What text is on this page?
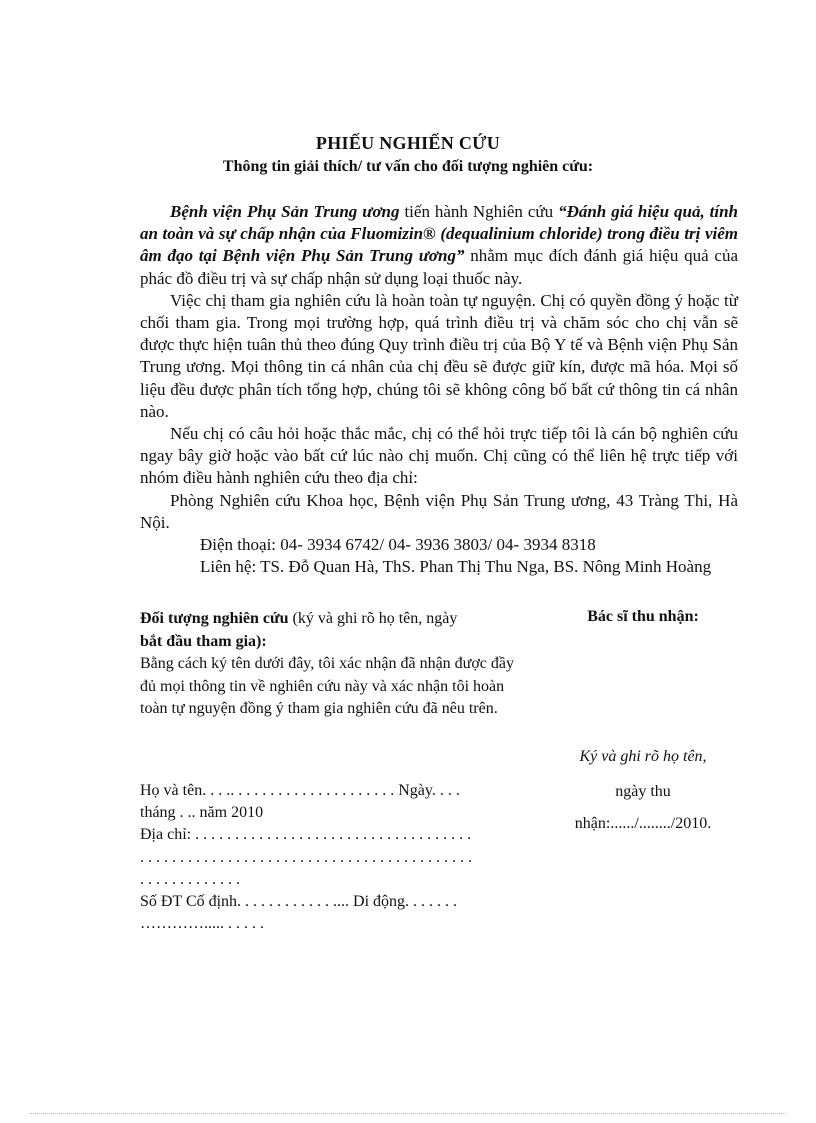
PHIẾU NGHIẾN CỨU
Thông tin giải thích/ tư vấn cho đối tượng nghiên cứu:

Bệnh viện Phụ Sản Trung ương tiến hành Nghiên cứu “Đánh giá hiệu quả, tính an toàn và sự chấp nhận của Fluomizin® (dequalinium chloride) trong điều trị viêm âm đạo tại Bệnh viện Phụ Sản Trung ương” nhằm mục đích đánh giá hiệu quả của phác đồ điều trị và sự chấp nhận sử dụng loại thuốc này.

Việc chị tham gia nghiên cứu là hoàn toàn tự nguyện. Chị có quyền đồng ý hoặc từ chối tham gia. Trong mọi trường hợp, quá trình điều trị và chăm sóc cho chị vẫn sẽ được thực hiện tuân thủ theo đúng Quy trình điều trị của Bộ Y tế và Bệnh viện Phụ Sản Trung ương. Mọi thông tin cá nhân của chị đều sẽ được giữ kín, được mã hóa. Mọi số liệu đều được phân tích tổng hợp, chúng tôi sẽ không công bố bất cứ thông tin cá nhân nào.

Nếu chị có câu hỏi hoặc thắc mắc, chị có thể hỏi trực tiếp tôi là cán bộ nghiên cứu ngay bây giờ hoặc vào bất cứ lúc nào chị muốn. Chị cũng có thể liên hệ trực tiếp với nhóm điều hành nghiên cứu theo địa chỉ:

Phòng Nghiên cứu Khoa học, Bệnh viện Phụ Sản Trung ương, 43 Tràng Thi, Hà Nội.

Điện thoại: 04- 3934 6742/ 04- 3936 3803/ 04- 3934 8318

Liên hệ: TS. Đỗ Quan Hà, ThS. Phan Thị Thu Nga, BS. Nông Minh Hoàng

Đối tượng nghiên cứu (ký và ghi rõ họ tên, ngày

bắt đầu tham gia):

Bằng cách ký tên dưới đây, tôi xác nhận đã nhận được đầy đủ mọi thông tin về nghiên cứu này và xác nhận tôi hoàn toàn tự nguyện đồng ý tham gia nghiên cứu đã nêu trên.

Bác sĩ thu nhận:
Ký và ghi rõ họ tên,
ngày thu
nhận:....../......../2010.

Họ và tên. . . .. . . . . . . . . . . . . . . . . . . . . Ngày. . . .

tháng . .. năm 2010

Địa chỉ: . . . . . . . . . . . . . . . . . . . . . . . . . . . . . . . . . . .

. . . . . . . . . . . . . . . . . . . . . . . . . . . . . . . . . . . . . . . . . .

. . . . . . . . . . . . .

Số ĐT Cố định. . . . . . . . . . . . .... Di động. . . . . . .

…………..... . . . . .
